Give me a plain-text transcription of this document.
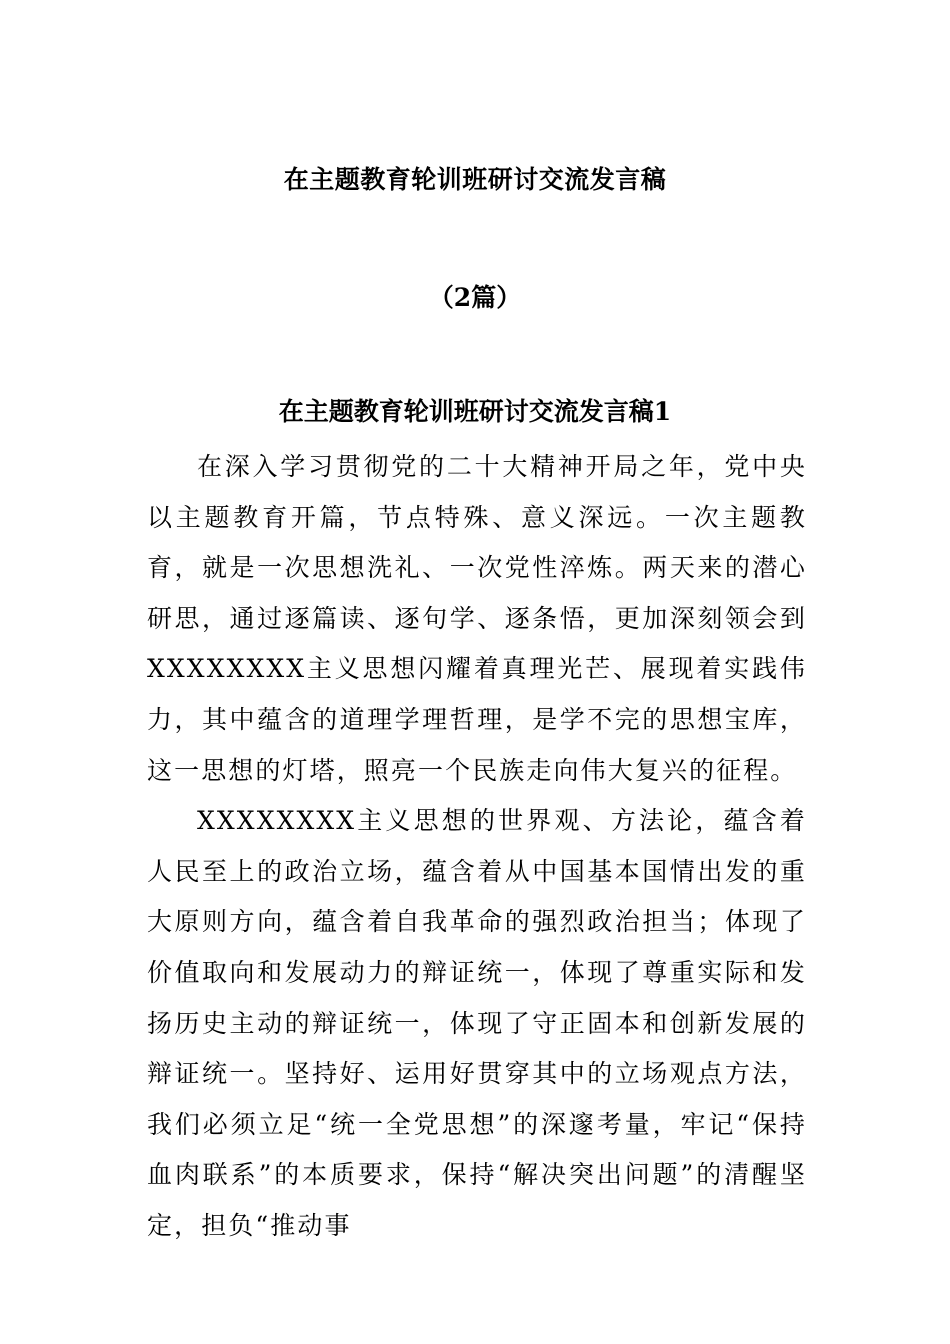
在主题教育轮训班研讨交流发言稿
（2篇）
在主题教育轮训班研讨交流发言稿1

在深入学习贯彻党的二十大精神开局之年，党中央以主题教育开篇，节点特殊、意义深远。一次主题教育，就是一次思想洗礼、一次党性淬炼。两天来的潜心研思，通过逐篇读、逐句学、逐条悟，更加深刻领会到XXXXXXXX主义思想闪耀着真理光芒、展现着实践伟力，其中蕴含的道理学理哲理，是学不完的思想宝库，这一思想的灯塔，照亮一个民族走向伟大复兴的征程。

XXXXXXXX主义思想的世界观、方法论，蕴含着人民至上的政治立场，蕴含着从中国基本国情出发的重大原则方向，蕴含着自我革命的强烈政治担当；体现了价值取向和发展动力的辩证统一，体现了尊重实际和发扬历史主动的辩证统一，体现了守正固本和创新发展的辩证统一。坚持好、运用好贯穿其中的立场观点方法，我们必须立足“统一全党思想”的深邃考量，牢记“保持血肉联系”的本质要求，保持“解决突出问题”的清醒坚定，担负“推动事
